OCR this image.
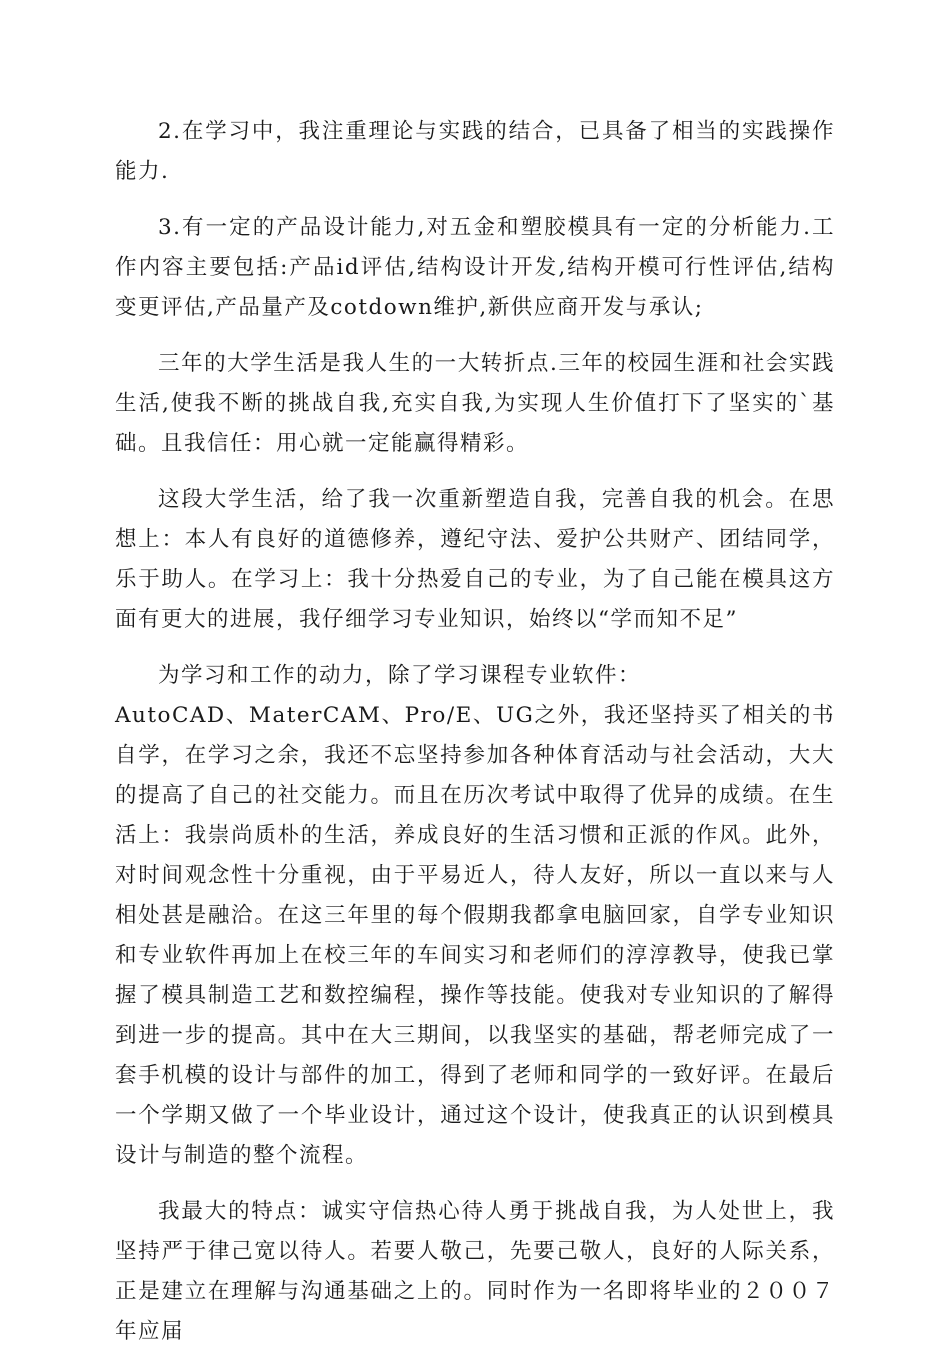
2.在学习中，我注重理论与实践的结合，已具备了相当的实践操作能力.

3.有一定的产品设计能力,对五金和塑胶模具有一定的分析能力.工作内容主要包括:产品id评估,结构设计开发,结构开模可行性评估,结构变更评估,产品量产及cotdown维护,新供应商开发与承认;

三年的大学生活是我人生的一大转折点.三年的校园生涯和社会实践生活,使我不断的挑战自我,充实自我,为实现人生价值打下了坚实的`基础。且我信任：用心就一定能赢得精彩。

这段大学生活，给了我一次重新塑造自我，完善自我的机会。在思想上：本人有良好的道德修养，遵纪守法、爱护公共财产、团结同学，乐于助人。在学习上：我十分热爱自己的专业，为了自己能在模具这方面有更大的进展，我仔细学习专业知识，始终以“学而知不足”

为学习和工作的动力，除了学习课程专业软件：

AutoCAD、MaterCAM、Pro/E、UG之外，我还坚持买了相关的书自学，在学习之余，我还不忘坚持参加各种体育活动与社会活动，大大的提高了自己的社交能力。而且在历次考试中取得了优异的成绩。在生活上：我崇尚质朴的生活，养成良好的生活习惯和正派的作风。此外，对时间观念性十分重视，由于平易近人，待人友好，所以一直以来与人相处甚是融洽。在这三年里的每个假期我都拿电脑回家，自学专业知识和专业软件再加上在校三年的车间实习和老师们的淳淳教导，使我已掌握了模具制造工艺和数控编程，操作等技能。使我对专业知识的了解得到进一步的提高。其中在大三期间，以我坚实的基础，帮老师完成了一套手机模的设计与部件的加工，得到了老师和同学的一致好评。在最后一个学期又做了一个毕业设计，通过这个设计，使我真正的认识到模具设计与制造的整个流程。

我最大的特点：诚实守信热心待人勇于挑战自我，为人处世上，我坚持严于律己宽以待人。若要人敬己，先要己敬人，良好的人际关系，正是建立在理解与沟通基础之上的。同时作为一名即将毕业的２００７年应届
